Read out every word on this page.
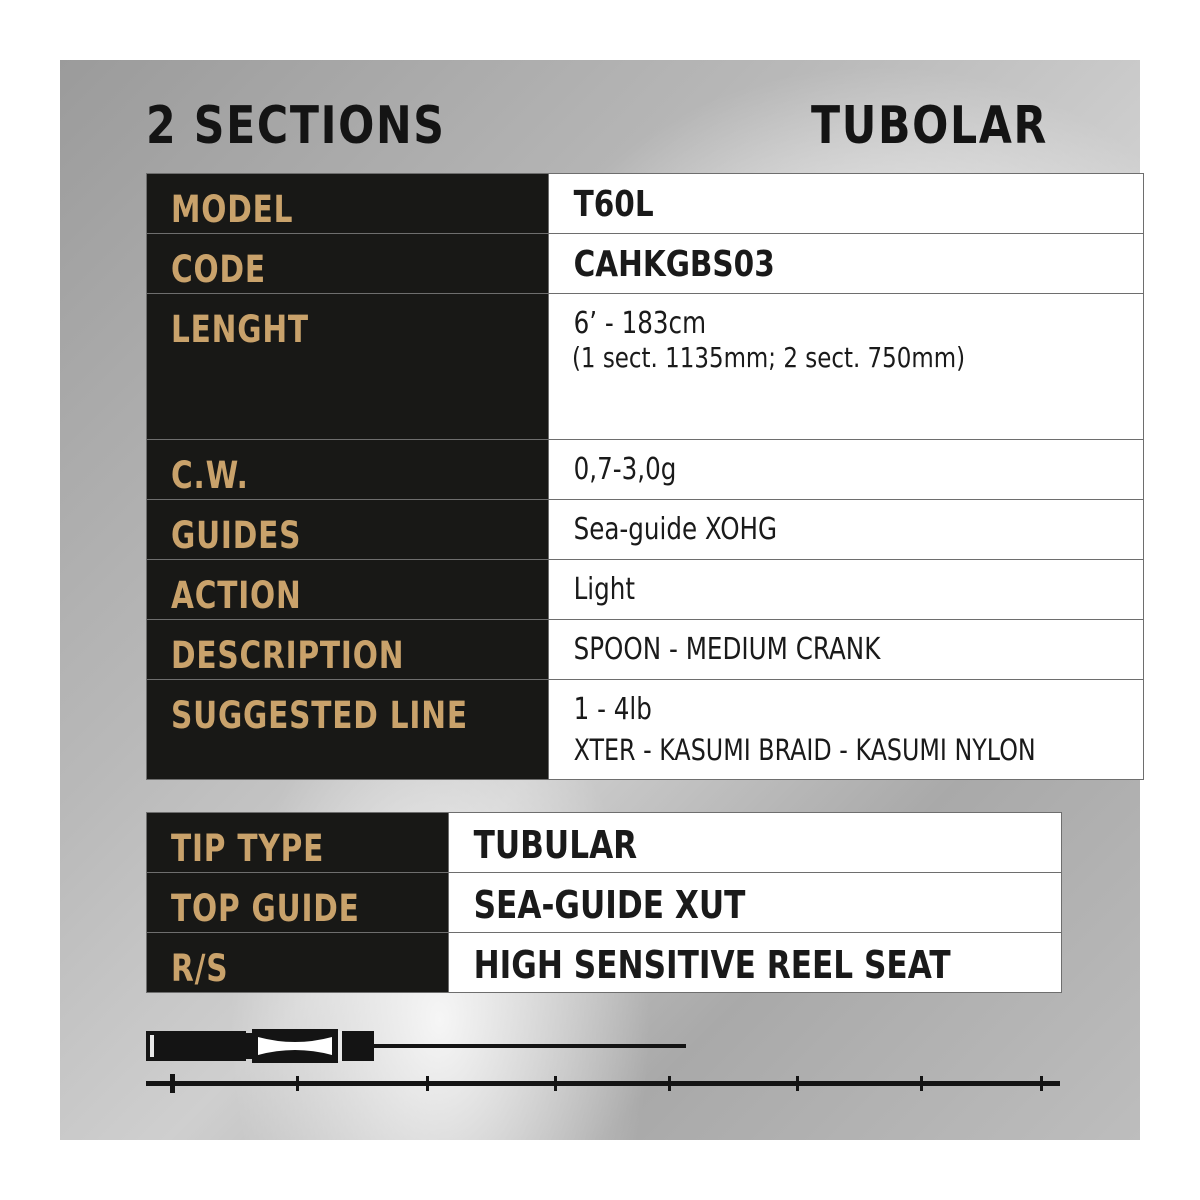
2 SECTIONS	TUBOLAR
MODEL	T60L

CODE	CAHKGBS03

LENGHT	6’ - 183cm
(1 sect. 1135mm; 2 sect. 750mm)

C.W.	0,7-3,0g

GUIDES	Sea-guide XOHG

ACTION	Light

DESCRIPTION	SPOON - MEDIUM CRANK

SUGGESTED LINE	1 - 4lb
XTER - KASUMI BRAID - KASUMI NYLON
TIP TYPE	TUBULAR

TOP GUIDE	SEA-GUIDE XUT

R/S	HIGH SENSITIVE REEL SEAT
